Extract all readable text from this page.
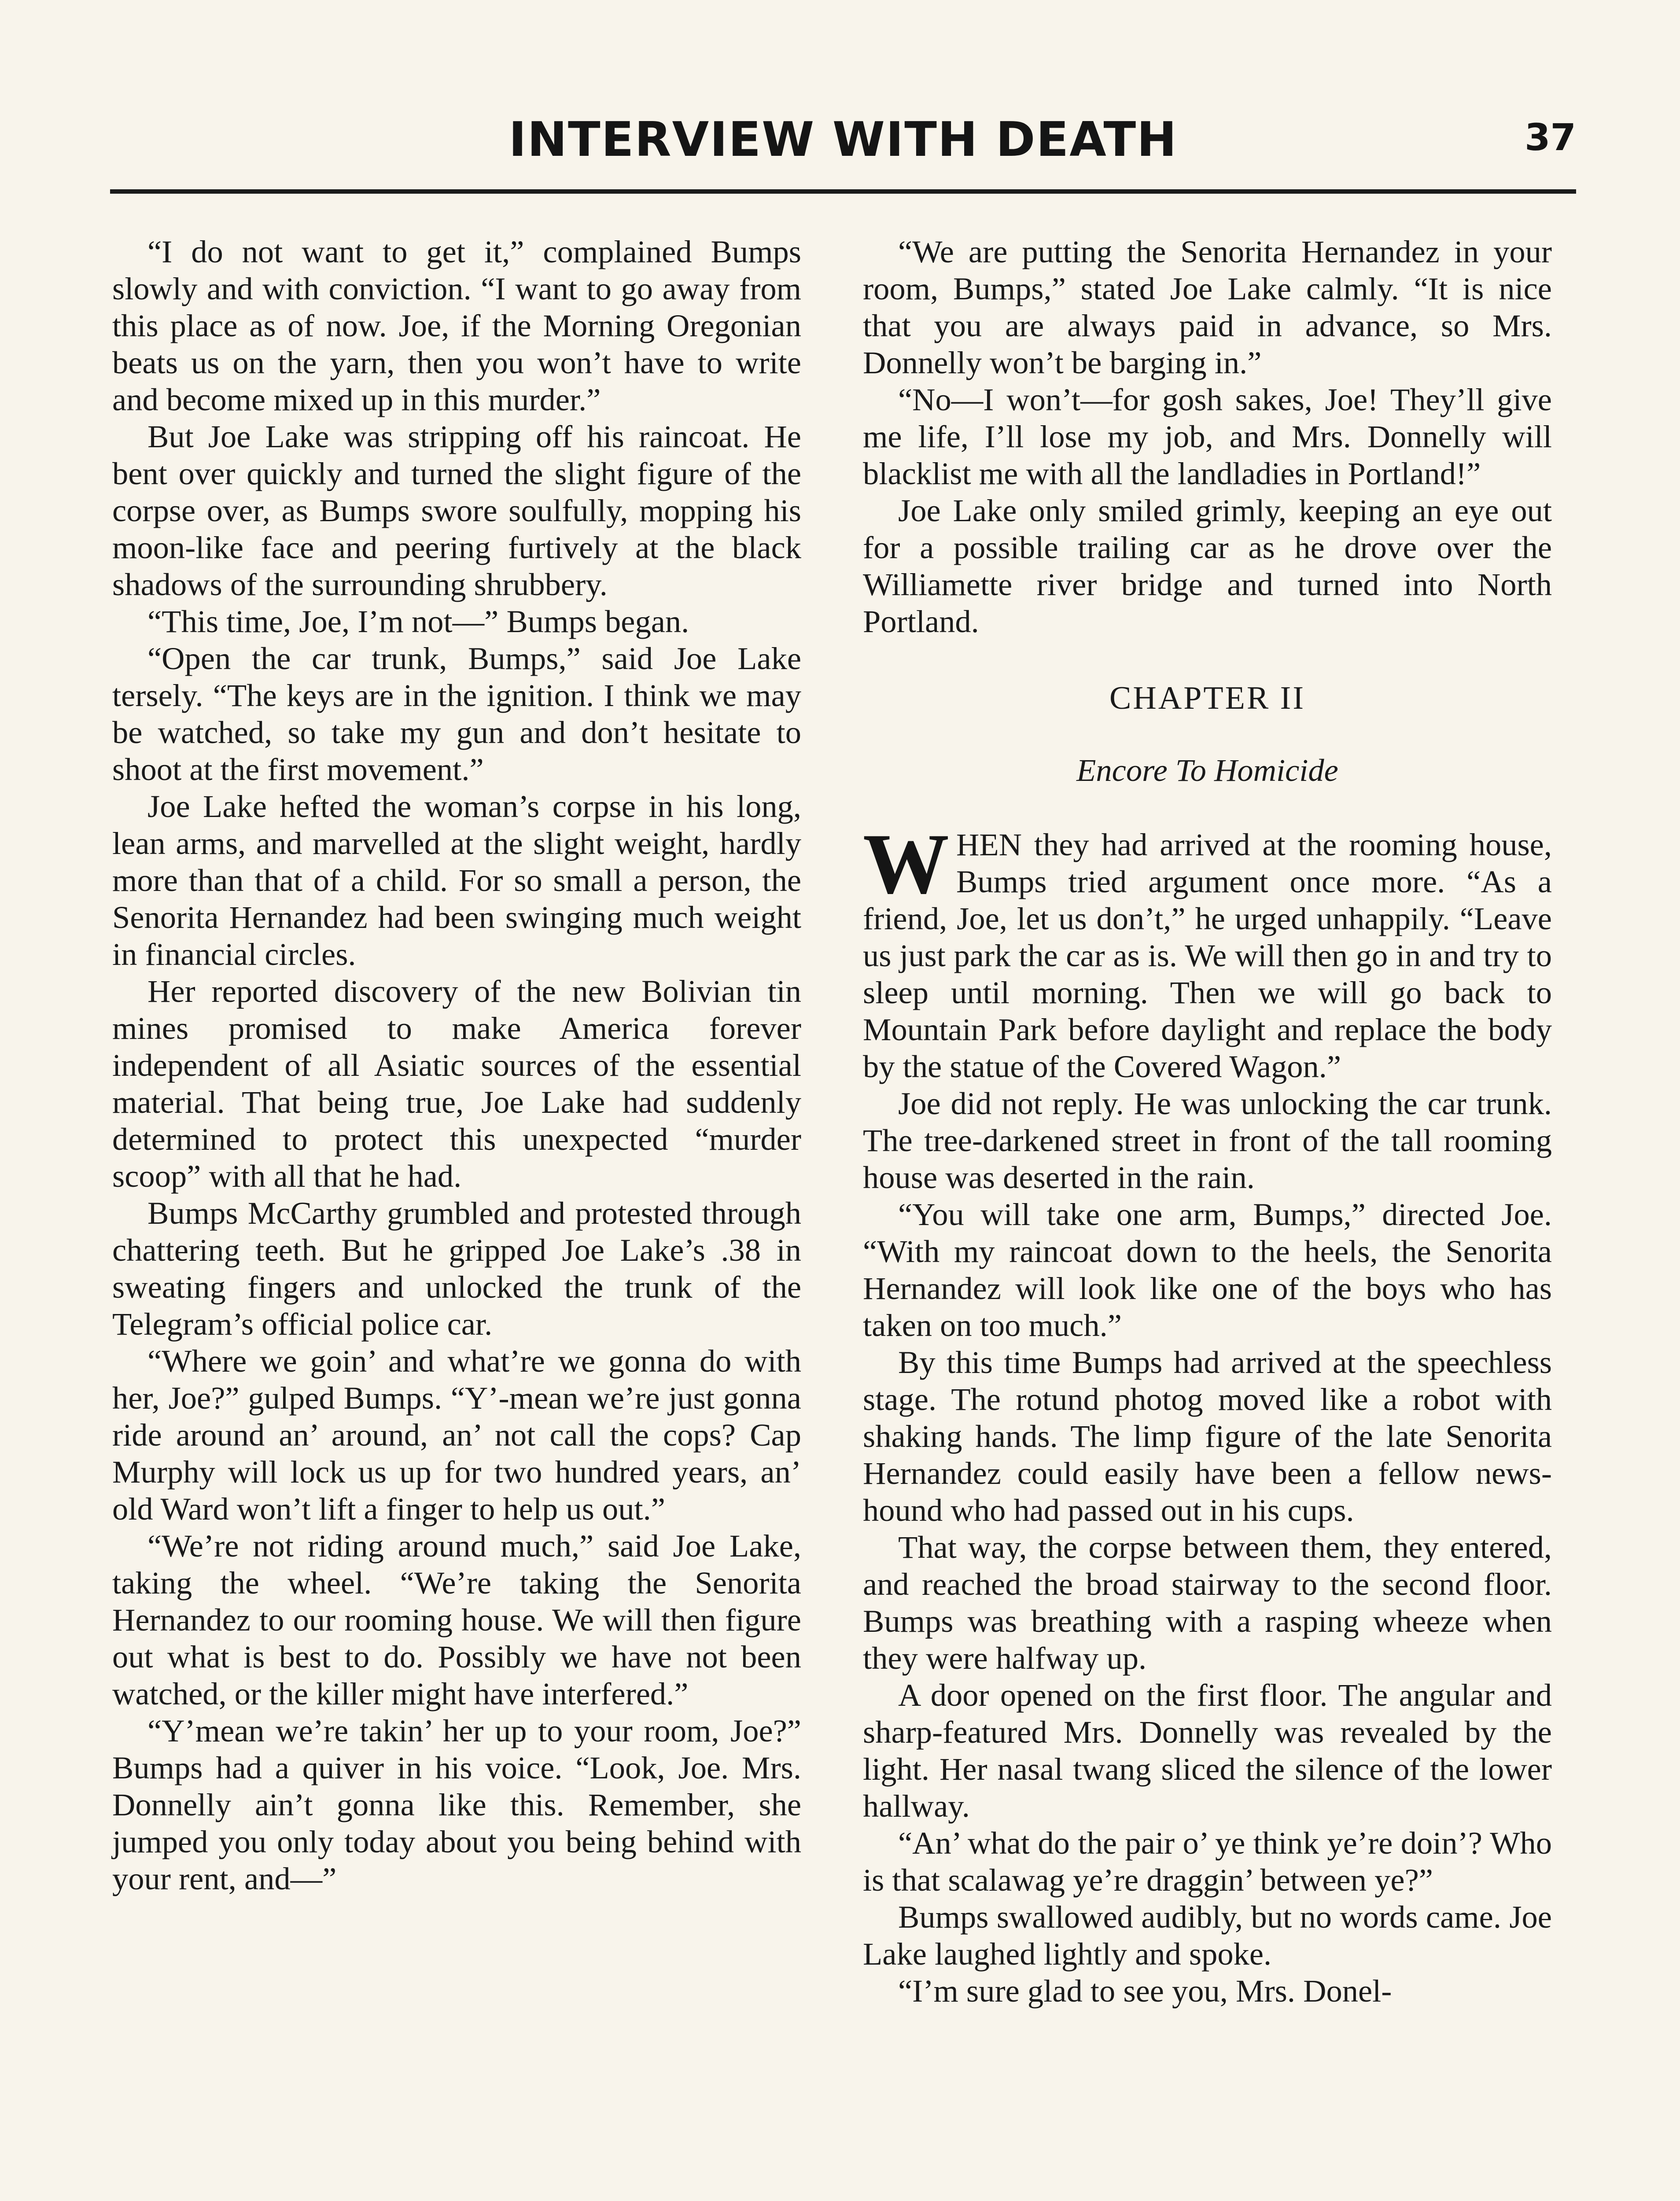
INTERVIEW WITH DEATH	37

“I do not want to get it,” complained Bumps slowly and with conviction. “I want to go away from this place as of now. Joe, if the Morning Oregonian beats us on the yarn, then you won’t have to write and become mixed up in this murder.”

But Joe Lake was stripping off his raincoat. He bent over quickly and turned the slight figure of the corpse over, as Bumps swore soulfully, mopping his moon-like face and peering furtively at the black shadows of the surrounding shrubbery.

“This time, Joe, I’m not—” Bumps began.

“Open the car trunk, Bumps,” said Joe Lake tersely. “The keys are in the ignition. I think we may be watched, so take my gun and don’t hesitate to shoot at the first movement.”

Joe Lake hefted the woman’s corpse in his long, lean arms, and marvelled at the slight weight, hardly more than that of a child. For so small a person, the Senorita Hernandez had been swinging much weight in financial circles.

Her reported discovery of the new Bolivian tin mines promised to make America forever independent of all Asiatic sources of the essential material. That being true, Joe Lake had suddenly determined to protect this unexpected “murder scoop” with all that he had.

Bumps McCarthy grumbled and protested through chattering teeth. But he gripped Joe Lake’s .38 in sweating fingers and unlocked the trunk of the Telegram’s official police car.

“Where we goin’ and what’re we gonna do with her, Joe?” gulped Bumps. “Y’-mean we’re just gonna ride around an’ around, an’ not call the cops? Cap Murphy will lock us up for two hundred years, an’ old Ward won’t lift a finger to help us out.”

“We’re not riding around much,” said Joe Lake, taking the wheel. “We’re taking the Senorita Hernandez to our rooming house. We will then figure out what is best to do. Possibly we have not been watched, or the killer might have interfered.”

“Y’mean we’re takin’ her up to your room, Joe?” Bumps had a quiver in his voice. “Look, Joe. Mrs. Donnelly ain’t gonna like this. Remember, she jumped you only today about you being behind with your rent, and—”

“We are putting the Senorita Hernandez in your room, Bumps,” stated Joe Lake calmly. “It is nice that you are always paid in advance, so Mrs. Donnelly won’t be barging in.”

“No—I won’t—for gosh sakes, Joe! They’ll give me life, I’ll lose my job, and Mrs. Donnelly will blacklist me with all the landladies in Portland!”

Joe Lake only smiled grimly, keeping an eye out for a possible trailing car as he drove over the Williamette river bridge and turned into North Portland.

CHAPTER II

Encore To Homicide

WHEN they had arrived at the rooming house, Bumps tried argument once more. “As a friend, Joe, let us don’t,” he urged unhappily. “Leave us just park the car as is. We will then go in and try to sleep until morning. Then we will go back to Mountain Park before daylight and replace the body by the statue of the Covered Wagon.”

Joe did not reply. He was unlocking the car trunk. The tree-darkened street in front of the tall rooming house was deserted in the rain.

“You will take one arm, Bumps,” directed Joe. “With my raincoat down to the heels, the Senorita Hernandez will look like one of the boys who has taken on too much.”

By this time Bumps had arrived at the speechless stage. The rotund photog moved like a robot with shaking hands. The limp figure of the late Senorita Hernandez could easily have been a fellow news-hound who had passed out in his cups.

That way, the corpse between them, they entered, and reached the broad stairway to the second floor. Bumps was breathing with a rasping wheeze when they were halfway up.

A door opened on the first floor. The angular and sharp-featured Mrs. Donnelly was revealed by the light. Her nasal twang sliced the silence of the lower hallway.

“An’ what do the pair o’ ye think ye’re doin’? Who is that scalawag ye’re draggin’ between ye?”

Bumps swallowed audibly, but no words came. Joe Lake laughed lightly and spoke.

“I’m sure glad to see you, Mrs. Donel-
